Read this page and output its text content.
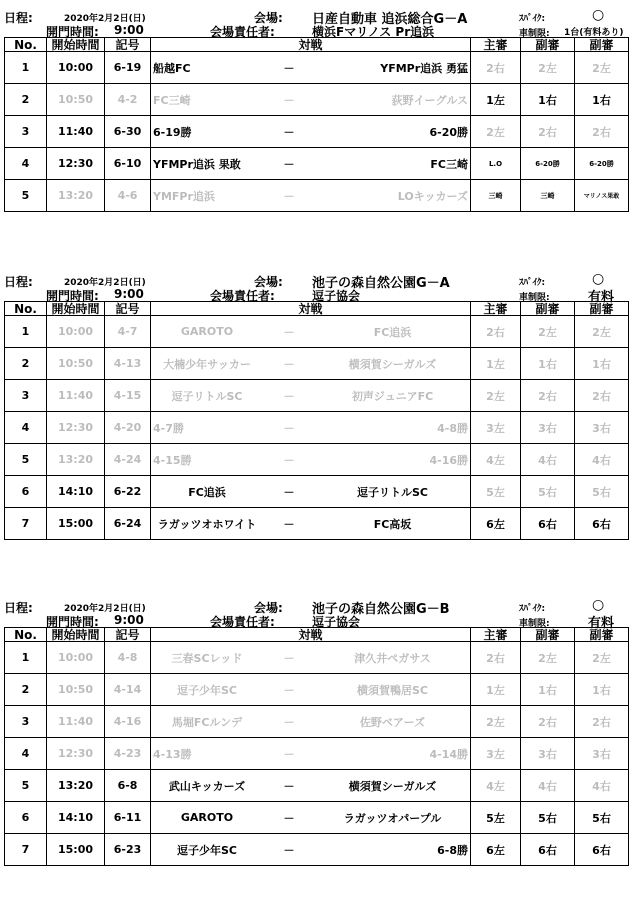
日程:	2020年2月2日(日)
開門時間: 9:00
会場: 日産自動車 追浜総合G－A
会場責任者:	横浜Fマリノス Pr追浜
ｽﾊﾟｲｸ:	○
車制限: 1台(有料あり)
No.	開始時間	記号	対戦	主審	副審	副審
1	10:00	6-19	船越FC － YFMPr追浜 勇猛	2右	2左	2左
2	10:50	4-2	FC三崎 － 荻野イーグルス	1左	1右	1右
3	11:40	6-30	6-19勝 － 6-20勝	2左	2右	2右
4	12:30	6-10	YFMPr追浜 果敢 － FC三崎	L.O	6-20勝	6-20勝
5	13:20	4-6	YMFPr追浜 － LOキッカーズ	三崎	三崎	マリノス果敢
日程:	2020年2月2日(日)
開門時間: 9:00
会場: 池子の森自然公園G－A
会場責任者:	逗子協会
ｽﾊﾟｲｸ:	○
車制限:	有料
No.	開始時間	記号	対戦	主審	副審	副審
1	10:00	4-7	GAROTO － FC追浜	2右	2左	2左
2	10:50	4-13	大楠少年サッカー － 横須賀シーガルズ	1左	1右	1右
3	11:40	4-15	逗子リトルSC － 初声ジュニアFC	2左	2右	2右
4	12:30	4-20	4-7勝 － 4-8勝	3左	3右	3右
5	13:20	4-24	4-15勝 － 4-16勝	4左	4右	4右
6	14:10	6-22	FC追浜 － 逗子リトルSC	5左	5右	5右
7	15:00	6-24	ラガッツオホワイト － FC高坂	6左	6右	6右
日程:	2020年2月2日(日)
開門時間: 9:00
会場: 池子の森自然公園G－B
会場責任者:	逗子協会
ｽﾊﾟｲｸ:	○
車制限:	有料
No.	開始時間	記号	対戦	主審	副審	副審
1	10:00	4-8	三春SCレッド － 津久井ペガサス	2右	2左	2左
2	10:50	4-14	逗子少年SC － 横須賀鴨居SC	1左	1右	1右
3	11:40	4-16	馬堀FCルンデ － 佐野ベアーズ	2左	2右	2右
4	12:30	4-23	4-13勝 － 4-14勝	3左	3右	3右
5	13:20	6-8	武山キッカーズ － 横須賀シーガルズ	4左	4右	4右
6	14:10	6-11	GAROTO － ラガッツオパープル	5左	5右	5右
7	15:00	6-23	逗子少年SC － 6-8勝	6左	6右	6右
